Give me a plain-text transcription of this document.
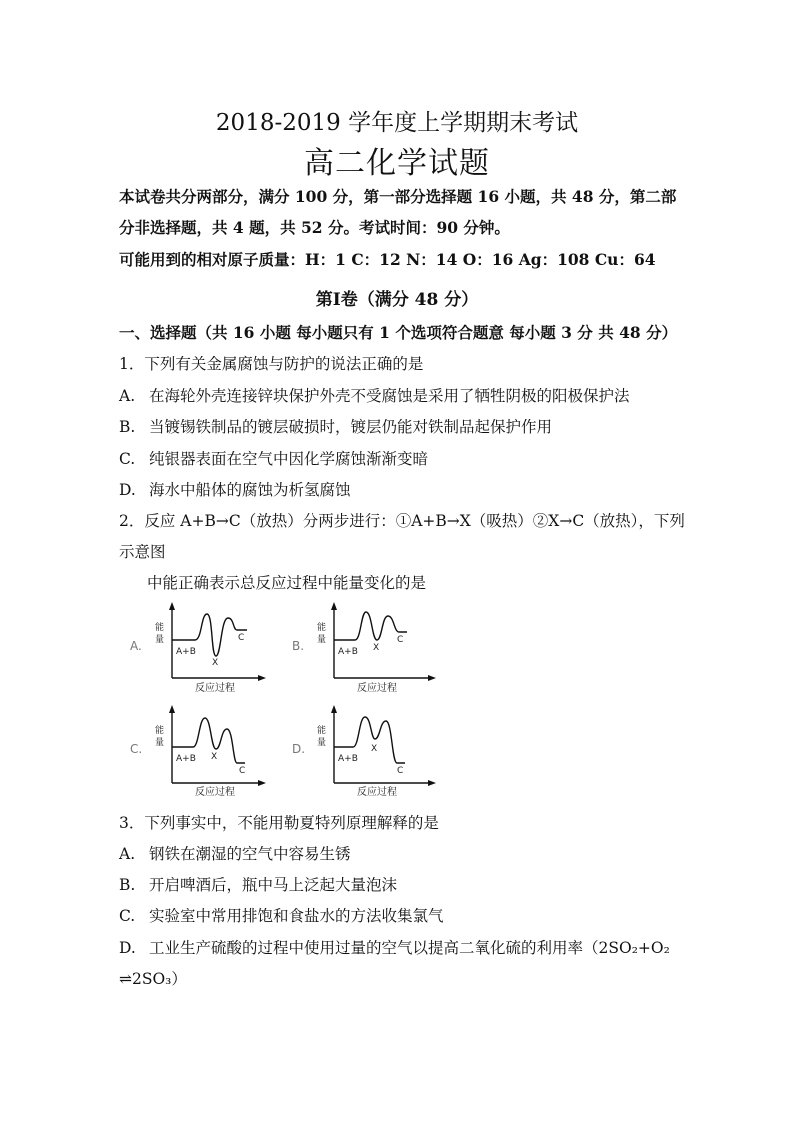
2018-2019 学年度上学期期末考试
高二化学试题
本试卷共分两部分，满分 100 分，第一部分选择题 16 小题，共 48 分，第二部
分非选择题，共 4 题，共 52 分。考试时间：90 分钟。
可能用到的相对原子质量：H：1 C：12 N：14 O：16 Ag：108 Cu：64
第Ⅰ卷（满分 48 分）
一、选择题（共 16 小题 每小题只有 1 个选项符合题意 每小题 3 分 共 48 分）
1．下列有关金属腐蚀与防护的说法正确的是
A. 在海轮外壳连接锌块保护外壳不受腐蚀是采用了牺牲阴极的阳极保护法
B. 当镀锡铁制品的镀层破损时，镀层仍能对铁制品起保护作用
C. 纯银器表面在空气中因化学腐蚀渐渐变暗
D. 海水中船体的腐蚀为析氢腐蚀
2．反应 A+B→C（放热）分两步进行：①A+B→X（吸热）②X→C（放热），下列
示意图
中能正确表示总反应过程中能量变化的是
A.
能
量
A+B
X
C
反应过程
B.
能
量
A+B X
C
反应过程
C.
能
量
A+B X
C
反应过程
D.
能
量
A+B
X
C
反应过程
3．下列事实中，不能用勒夏特列原理解释的是
A. 钢铁在潮湿的空气中容易生锈
B. 开启啤酒后，瓶中马上泛起大量泡沫
C. 实验室中常用排饱和食盐水的方法收集氯气
D. 工业生产硫酸的过程中使用过量的空气以提高二氧化硫的利用率（2SO₂+O₂
⇌2SO₃）
